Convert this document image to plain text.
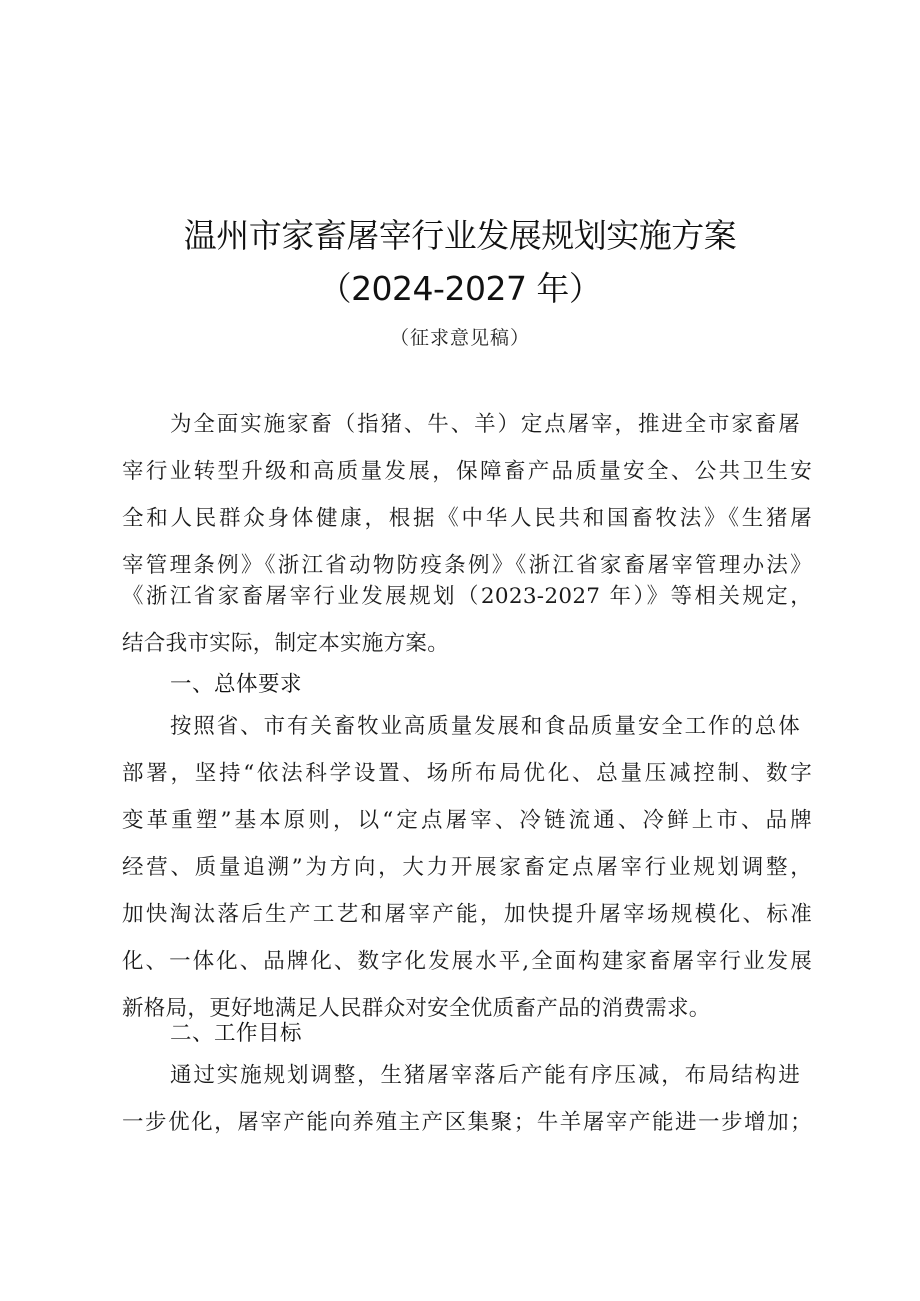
温州市家畜屠宰行业发展规划实施方案
（2024-2027 年）
（征求意见稿）
为全面实施家畜（指猪、牛、羊）定点屠宰，推进全市家畜屠
宰行业转型升级和高质量发展，保障畜产品质量安全、公共卫生安
全和人民群众身体健康，根据《中华人民共和国畜牧法》《生猪屠
宰管理条例》《浙江省动物防疫条例》《浙江省家畜屠宰管理办法》
《浙江省家畜屠宰行业发展规划（2023-2027 年）》等相关规定，
结合我市实际，制定本实施方案。
一、总体要求
按照省、市有关畜牧业高质量发展和食品质量安全工作的总体
部署，坚持“依法科学设置、场所布局优化、总量压减控制、数字
变革重塑”基本原则，以“定点屠宰、冷链流通、冷鲜上市、品牌
经营、质量追溯”为方向，大力开展家畜定点屠宰行业规划调整，
加快淘汰落后生产工艺和屠宰产能，加快提升屠宰场规模化、标准
化、一体化、品牌化、数字化发展水平,全面构建家畜屠宰行业发展
新格局，更好地满足人民群众对安全优质畜产品的消费需求。
二、工作目标
通过实施规划调整，生猪屠宰落后产能有序压减，布局结构进
一步优化，屠宰产能向养殖主产区集聚；牛羊屠宰产能进一步增加；
